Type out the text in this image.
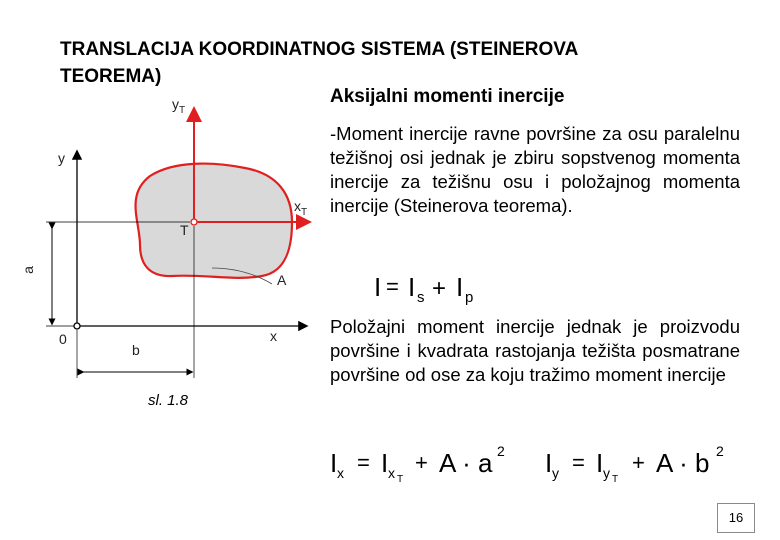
TRANSLACIJA KOORDINATNOG SISTEMA (STEINEROVA TEOREMA)
Aksijalni momenti inercije
-Moment inercije ravne površine za osu paralelnu težišnoj osi jednak je zbiru sopstvenog momenta inercije za težišnu osu i položajnog momenta inercije (Steinerova teorema).
Položajni moment inercije jednak je proizvodu površine i kvadrata rastojanja težišta posmatrane površine od ose za koju tražimo moment inercije
$y_T$
y
$x_T$
T
a
A
0	x
b
sl. 1.8
I = I s + I p
I x = I x T
+ A · a 2 I y = I y T
+ A · b 2
16
